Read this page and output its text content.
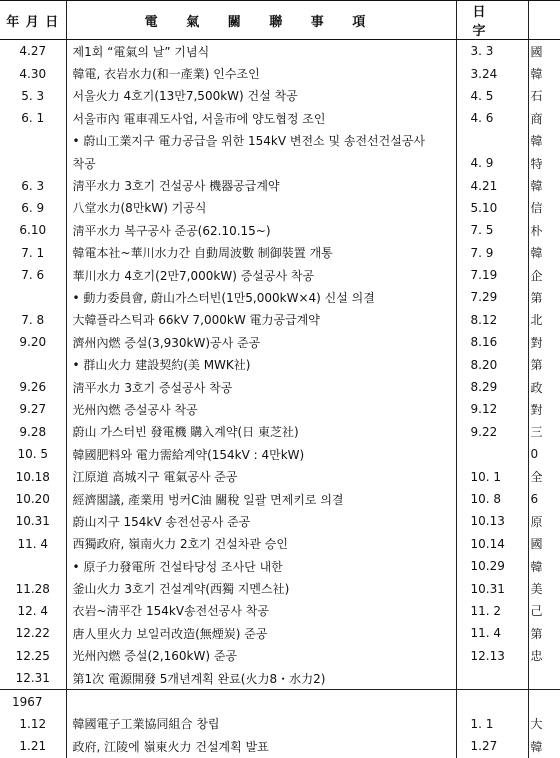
年 月 日	電 氣 關 聯 事 項	日 字	
4.27	제1회 “電氣의 날” 기념식	3. 3	國
4.30	韓電, 衣岩水力(和一產業) 인수조인	3.24	韓
5. 3	서울火力 4호기(13만7,500kW) 건설 착공	4. 5	石
6. 1	서울市內 電車궤도사업, 서울市에 양도협정 조인	4. 6	商
	• 蔚山工業지구 電力공급을 위한 154kV 변전소 및 송전선건설공사		韓
	착공	4. 9	特
6. 3	淸平水力 3호기 건설공사 機器공급계약	4.21	韓
6. 9	八堂水力(8만kW) 기공식	5.10	信
6.10	淸平水力 복구공사 준공(62.10.15~)	7. 5	朴
7. 1	韓電本社~華川水力간 自動周波數 制御裝置 개통	7. 9	韓
7. 6	華川水力 4호기(2만7,000kW) 증설공사 착공	7.19	企
	• 動力委員會, 蔚山가스터빈(1만5,000kW×4) 신설 의결	7.29	第
7. 8	大韓플라스틱과 66kV 7,000kW 電力공급계약	8.12	北
9.20	濟州內燃 증설(3,930kW)공사 준공	8.16	對
	• 群山火力 建設契約(美 MWK社)	8.20	第
9.26	淸平水力 3호기 증설공사 착공	8.29	政
9.27	光州內燃 증설공사 착공	9.12	對
9.28	蔚山 가스터빈 發電機 購入계약(日 東芝社)	9.22	三
10. 5	韓國肥料와 電力需給계약(154kV : 4만kW)		0
10.18	江原道 高城지구 電氣공사 준공	10. 1	全
10.20	經濟閣議, 產業用 벙커C油 關稅 일괄 면제키로 의결	10. 8	6
10.31	蔚山지구 154kV 송전선공사 준공	10.13	原
11. 4	西獨政府, 嶺南火力 2호기 건설차관 승인	10.14	國
	• 原子力發電所 건설타당성 조사단 내한	10.29	韓
11.28	釜山火力 3호기 건설계약(西獨 지멘스社)	10.31	美
12. 4	衣岩~淸平간 154kV송전선공사 착공	11. 2	己
12.22	唐人里火力 보일러改造(無煙炭) 준공	11. 4	第
12.25	光州內燃 증설(2,160kW) 준공	12.13	忠
12.31	第1次 電源開發 5개년계획 완료(火力8・水力2)		
1967			
1.12	韓國電子工業協同組合 창립	1. 1	大
1.21	政府, 江陵에 嶺東火力 건설계획 발표	1.27	韓
